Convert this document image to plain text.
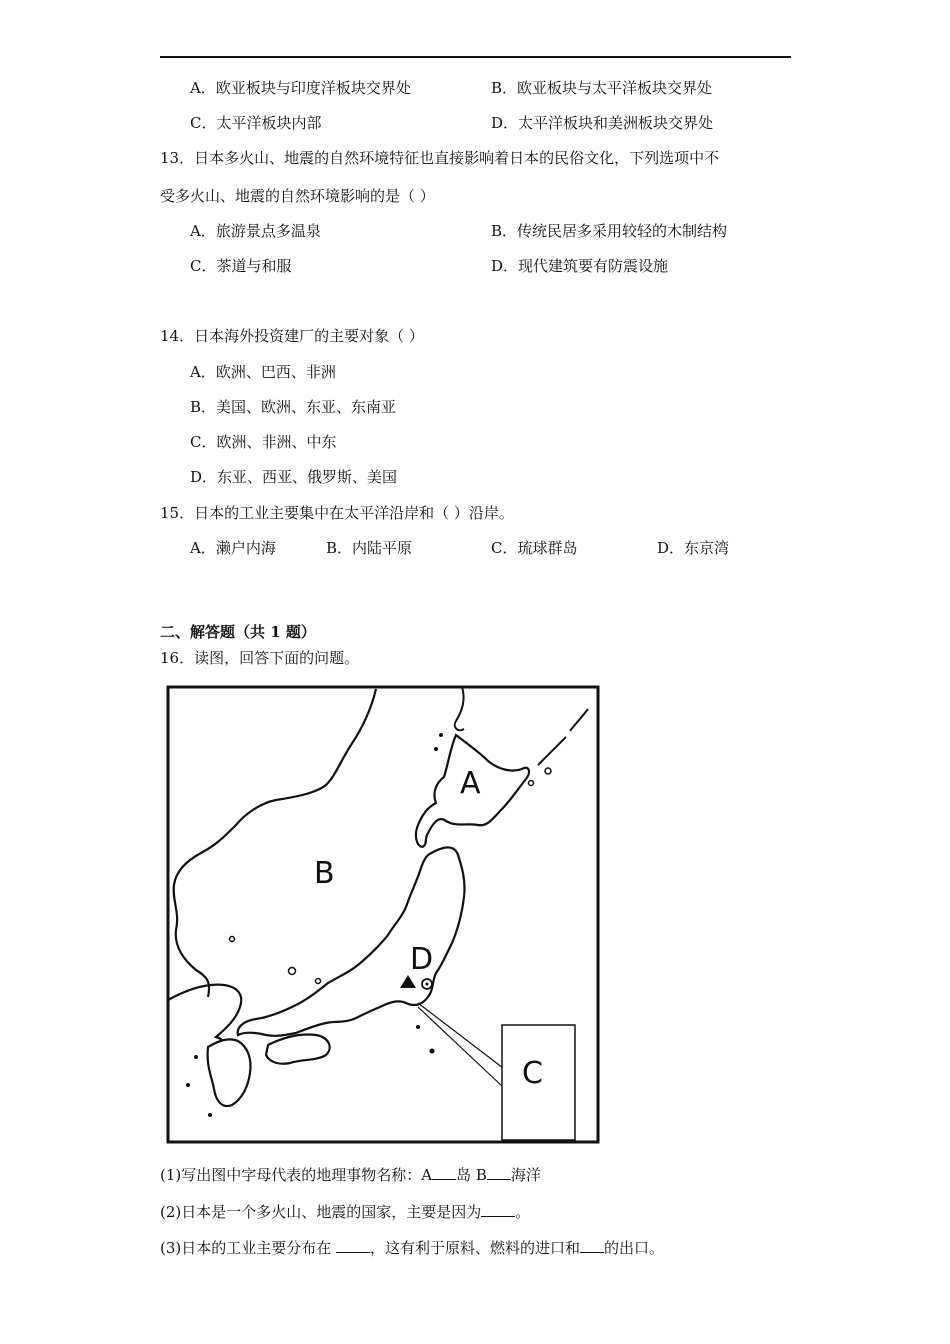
A．欧亚板块与印度洋板块交界处	B．欧亚板块与太平洋板块交界处
C．太平洋板块内部	D．太平洋板块和美洲板块交界处
13．日本多火山、地震的自然环境特征也直接影响着日本的民俗文化，下列选项中不
受多火山、地震的自然环境影响的是（ ）
A．旅游景点多温泉	B．传统民居多采用较轻的木制结构
C．茶道与和服	D．现代建筑要有防震设施
14．日本海外投资建厂的主要对象（ ）
A．欧洲、巴西、非洲
B．美国、欧洲、东亚、东南亚
C．欧洲、非洲、中东
D．东亚、西亚、俄罗斯、美国
15．日本的工业主要集中在太平洋沿岸和（ ）沿岸。
A．濑户内海	B．内陆平原	C．琉球群岛	D．东京湾
二、解答题（共 1 题）
16．读图，回答下面的问题。
A
B
D
C
(1)写出图中字母代表的地理事物名称：A 岛 B 海洋
(2)日本是一个多火山、地震的国家，主要是因为 。
(3)日本的工业主要分布在 ，这有利于原料、燃料的进口和 的出口。
